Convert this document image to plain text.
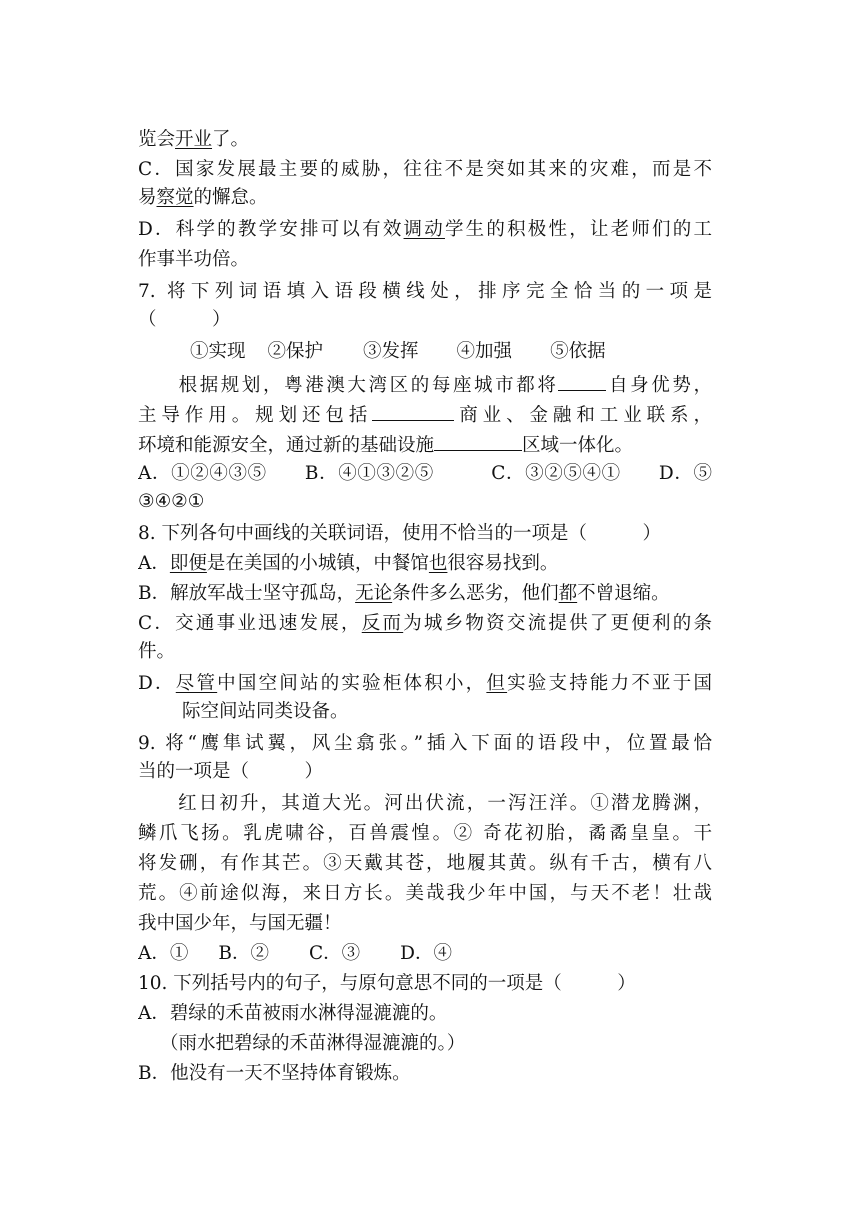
览会开业了。
C．国家发展最主要的威胁，往往不是突如其来的灾难，而是不
易察觉的懈怠。
D．科学的教学安排可以有效调动学生的积极性，让老师们的工
作事半功倍。
7. 将下列词语填入语段横线处，排序完全恰当的一项是
（　　　）
①实现 ②保护 ③发挥 ④加强 ⑤依据
根据规划，粤港澳大湾区的每座城市都将	自身优势，
主导作用。规划还包括	商业、金融和工业联系，
环境和能源安全，通过新的基础设施	区域一体化。
A．①②④③⑤　　B．④①③②⑤　　　C．③②⑤④①　　D．⑤
③④②①
8. 下列各句中画线的关联词语，使用不恰当的一项是（　　　）
A．即便是在美国的小城镇，中餐馆也很容易找到。
B．解放军战士坚守孤岛，无论条件多么恶劣，他们都不曾退缩。
C．交通事业迅速发展，反而为城乡物资交流提供了更便利的条
件。
D．尽管中国空间站的实验柜体积小，但实验支持能力不亚于国
际空间站同类设备。
9. 将“鹰隼试翼，风尘翕张。”插入下面的语段中，位置最恰
当的一项是（　　　）
红日初升，其道大光。河出伏流，一泻汪洋。①潜龙腾渊，
鳞爪飞扬。乳虎啸谷，百兽震惶。② 奇花初胎，矞矞皇皇。干
将发硎，有作其芒。③天戴其苍，地履其黄。纵有千古，横有八
荒。④前途似海，来日方长。美哉我少年中国，与天不老！壮哉
我中国少年，与国无疆！
A．① B．② C．③ D．④
10. 下列括号内的句子，与原句意思不同的一项是（　　　）
A．碧绿的禾苗被雨水淋得湿漉漉的。
（雨水把碧绿的禾苗淋得湿漉漉的。）
B．他没有一天不坚持体育锻炼。
